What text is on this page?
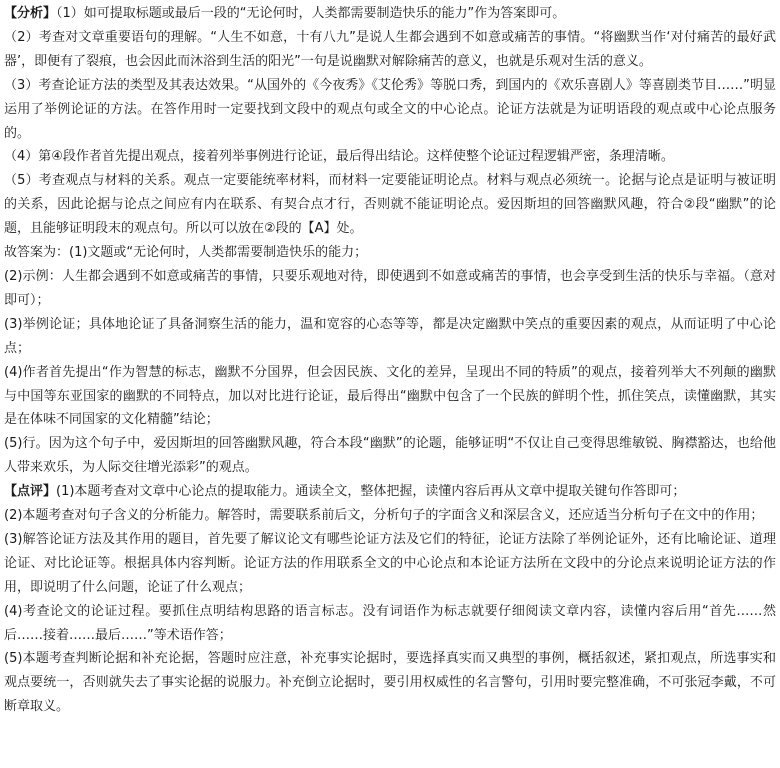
【分析】（1）如可提取标题或最后一段的“无论何时，人类都需要制造快乐的能力”作为答案即可。

（2）考查对文章重要语句的理解。“人生不如意，十有八九”是说人生都会遇到不如意或痛苦的事情。“将幽默当作‘对付痛苦的最好武器’，即便有了裂痕，也会因此而沐浴到生活的阳光”一句是说幽默对解除痛苦的意义，也就是乐观对生活的意义。

（3）考查论证方法的类型及其表达效果。“从国外的《今夜秀》《艾伦秀》等脱口秀，到国内的《欢乐喜剧人》等喜剧类节目……”明显运用了举例论证的方法。在答作用时一定要找到文段中的观点句或全文的中心论点。论证方法就是为证明语段的观点或中心论点服务的。

（4）第④段作者首先提出观点，接着列举事例进行论证，最后得出结论。这样使整个论证过程逻辑严密，条理清晰。

（5）考查观点与材料的关系。观点一定要能统率材料，而材料一定要能证明论点。材料与观点必须统一。论据与论点是证明与被证明的关系，因此论据与论点之间应有内在联系、有契合点才行，否则就不能证明论点。爱因斯坦的回答幽默风趣，符合②段“幽默”的论题，且能够证明段末的观点句。所以可以放在②段的【A】处。

故答案为：(1)文题或“无论何时，人类都需要制造快乐的能力；

(2)示例：人生都会遇到不如意或痛苦的事情，只要乐观地对待，即使遇到不如意或痛苦的事情，也会享受到生活的快乐与幸福。（意对即可）；

(3)举例论证；具体地论证了具备洞察生活的能力，温和宽容的心态等等，都是决定幽默中笑点的重要因素的观点，从而证明了中心论点；

(4)作者首先提出“作为智慧的标志，幽默不分国界，但会因民族、文化的差异，呈现出不同的特质”的观点，接着列举大不列颠的幽默与中国等东亚国家的幽默的不同特点，加以对比进行论证，最后得出“幽默中包含了一个民族的鲜明个性，抓住笑点，读懂幽默，其实是在体味不同国家的文化精髓”结论；

(5)行。因为这个句子中，爱因斯坦的回答幽默风趣，符合本段“幽默”的论题，能够证明“不仅让自己变得思维敏锐、胸襟豁达，也给他人带来欢乐，为人际交往增光添彩”的观点。

【点评】(1)本题考查对文章中心论点的提取能力。通读全文，整体把握，读懂内容后再从文章中提取关键句作答即可；

(2)本题考查对句子含义的分析能力。解答时，需要联系前后文，分析句子的字面含义和深层含义，还应适当分析句子在文中的作用；

(3)解答论证方法及其作用的题目，首先要了解议论文有哪些论证方法及它们的特征，论证方法除了举例论证外，还有比喻论证、道理论证、对比论证等。根据具体内容判断。论证方法的作用联系全文的中心论点和本论证方法所在文段中的分论点来说明论证方法的作用，即说明了什么问题，论证了什么观点；

(4)考查论文的论证过程。要抓住点明结构思路的语言标志。没有词语作为标志就要仔细阅读文章内容，读懂内容后用“首先……然后……接着……最后……”等术语作答；

(5)本题考查判断论据和补充论据，答题时应注意，补充事实论据时，要选择真实而又典型的事例，概括叙述，紧扣观点，所选事实和观点要统一，否则就失去了事实论据的说服力。补充倒立论据时，要引用权威性的名言警句，引用时要完整准确，不可张冠李戴，不可断章取义。
